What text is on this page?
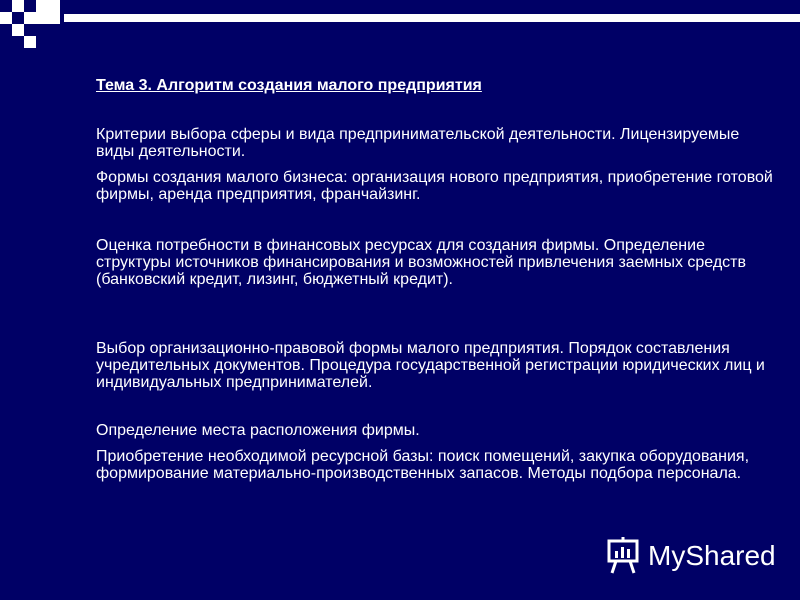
Тема 3. Алгоритм создания малого предприятия
Критерии выбора сферы и вида предпринимательской деятельности. Лицензируемые виды деятельности.
Формы создания малого бизнеса: организация нового предприятия, приобретение готовой фирмы, аренда предприятия, франчайзинг.
Оценка потребности в финансовых ресурсах для создания фирмы. Определение структуры источников финансирования и возможностей привлечения заемных средств (банковский кредит, лизинг, бюджетный кредит).
Выбор организационно-правовой формы малого предприятия. Порядок составления учредительных документов. Процедура государственной регистрации юридических лиц и индивидуальных предпринимателей.
Определение места расположения фирмы.
Приобретение необходимой ресурсной базы: поиск помещений, закупка оборудования, формирование материально-производственных запасов. Методы подбора персонала.
MyShared
